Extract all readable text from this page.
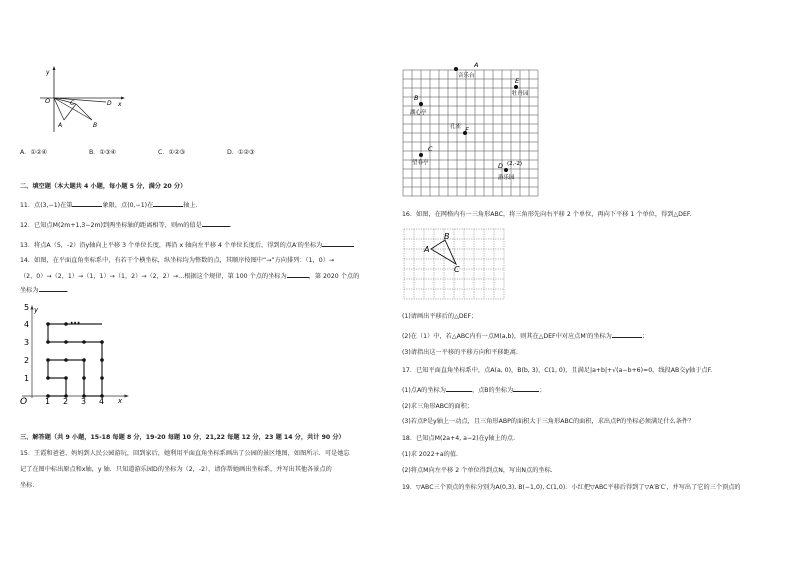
y
x
O	C	D
A	B
A．①②④	B．①③④	C．①②③	D．①②③
二、填空题（本大题共 4 小题，每小题 5 分，满分 20 分）
11．点(3,−1)在第	象限，点(0,−1)在	轴上.
12．已知点M(2m+1,3−2m)到两坐标轴的距离相等，则m的值是	.
13．将点A（5，-2）沿y轴向上平移 3 个单位长度，再沿 x 轴向左平移 4 个单位长度后，得到的点A′的坐标为
14．如图，在平面直角坐标系中，有若干个横坐标，纵坐标均为整数的点，其顺序按图中“→”方向排列：（1，0）→
（2，0）→（2，1）→（1，1）→（1，2）→（2，2）→…根据这个规律，第 100 个点的坐标为	，第 2020 个点的
坐标为	.
···
1
2
3
4
5
1 2 3 4
O	x
y
三、解答题（共 9 小题，15-18 每题 8 分，19-20 每题 10 分，21,22 每题 12 分，23 题 14 分，共计 90 分）
15．王霞和爸爸、妈妈到人民公园游玩，回到家后，她利用平面直角坐标系画出了公园的景区地图，如图所示．可是她忘
记了在图中标出原点和x轴，y 轴．只知道游乐园D的坐标为（2，-2），请你帮她画出坐标系，并写出其他各景点的
坐标.
A
音乐台
E
牡丹园
B
湖心亭
F
孔雀
C
望春亭	D (2,-2)
游乐园
16．如图，在网格内有一三角形ABC，将三角形先向右平移 2 个单位，再向下平移 1 个单位，得到△DEF.
A
B
C
(1)请画出平移后的△DEF；
(2)在（1）中，若△ABC内有一点M(a,b)，则其在△DEF中对应点M′的坐标为	；
(3)请指出这一平移的平移方向和平移距离.
17．已知平面直角坐标系中，点A(a, 0)，B(b, 3)，C(1, 0)，且满足|a+b|+√(a−b+6)=0，线段AB交y轴于点F.
(1)点A的坐标为	，点B的坐标为	；
(2)求三角形ABC的面积；
(3)若点P是y轴上一动点，且三角形ABP的面积大于三角形ABC的面积，求出点P的坐标必须满足什么条件？
18．已知点M(2a+4, a−2)在y轴上的点.
(1)求 2022+a的值.
(2)将点M向左平移 2 个单位得到点N，写出N点的坐标.
19．▽ABC三个顶点的坐标分别为A(0,3), B(−1,0), C(1,0)．小红把▽ABC平移后得到了▽A′B′C′，并写出了它的三个顶点的
